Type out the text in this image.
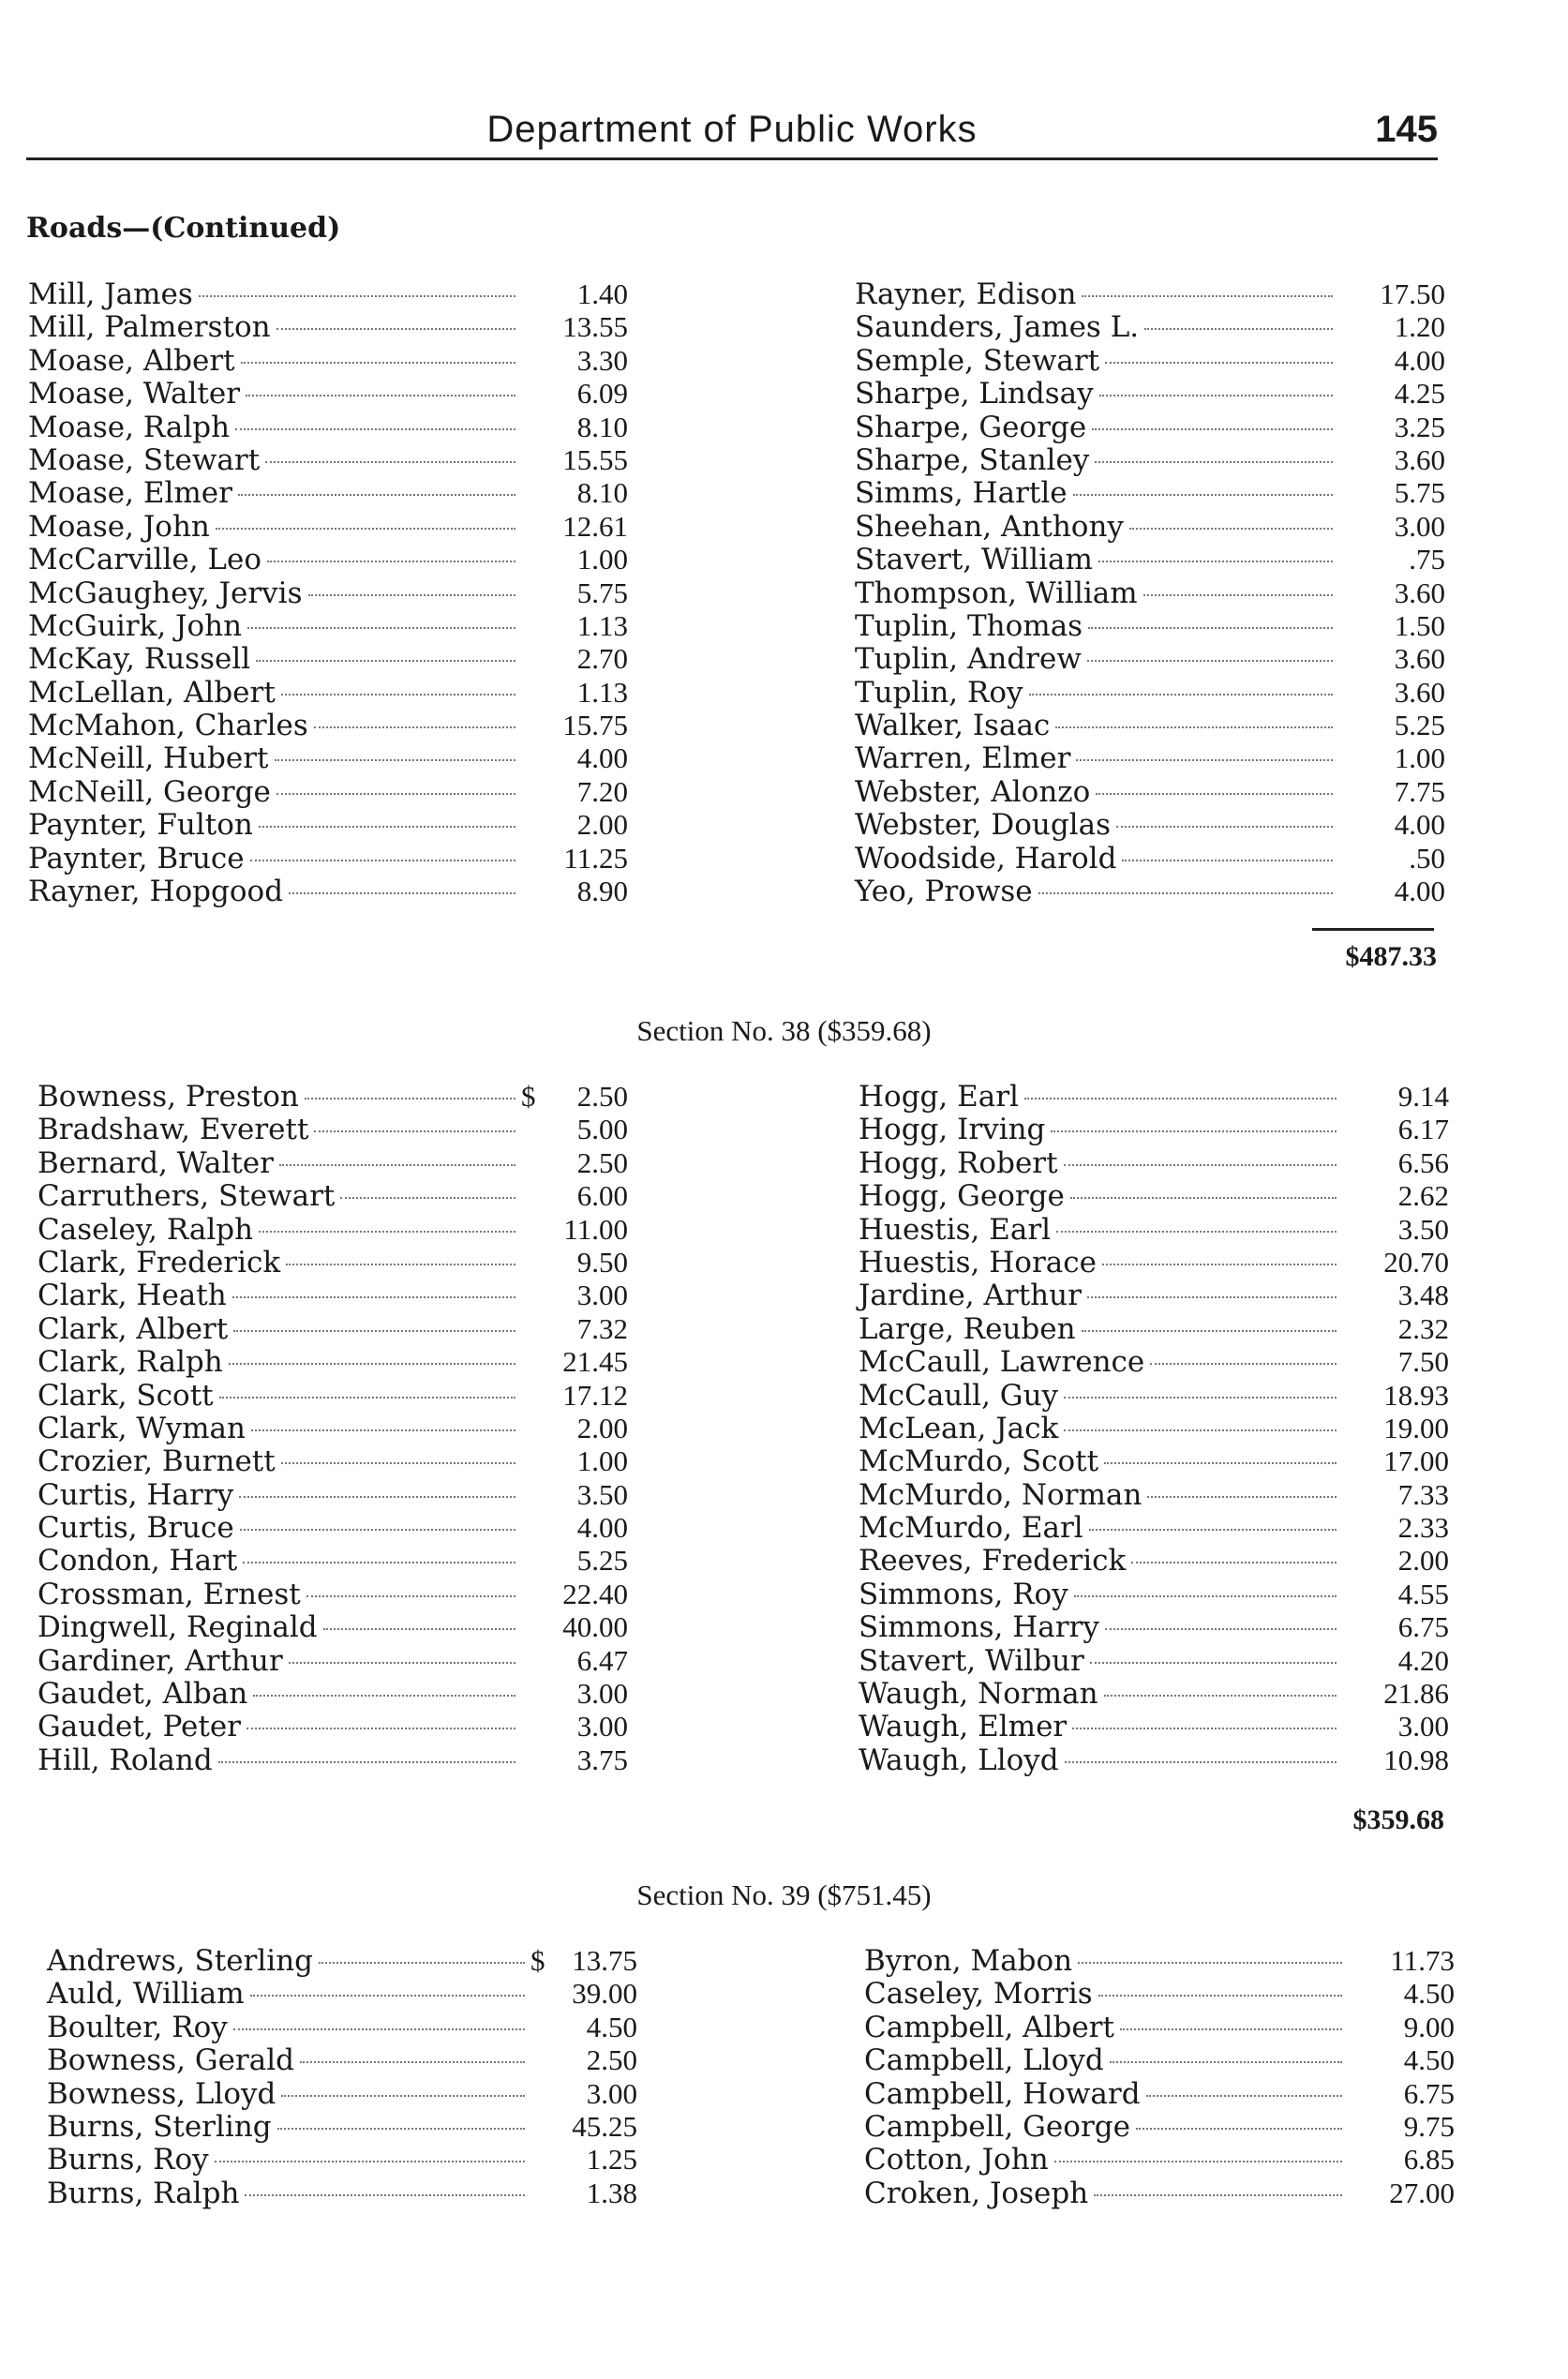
Department of Public Works	145
Roads—(Continued)
Mill, James	1.40
Mill, Palmerston	13.55
Moase, Albert	3.30
Moase, Walter	6.09
Moase, Ralph	8.10
Moase, Stewart	15.55
Moase, Elmer	8.10
Moase, John	12.61
McCarville, Leo	1.00
McGaughey, Jervis	5.75
McGuirk, John	1.13
McKay, Russell	2.70
McLellan, Albert	1.13
McMahon, Charles	15.75
McNeill, Hubert	4.00
McNeill, George	7.20
Paynter, Fulton	2.00
Paynter, Bruce	11.25
Rayner, Hopgood	8.90
Rayner, Edison	17.50
Saunders, James L.	1.20
Semple, Stewart	4.00
Sharpe, Lindsay	4.25
Sharpe, George	3.25
Sharpe, Stanley	3.60
Simms, Hartle	5.75
Sheehan, Anthony	3.00
Stavert, William	.75
Thompson, William	3.60
Tuplin, Thomas	1.50
Tuplin, Andrew	3.60
Tuplin, Roy	3.60
Walker, Isaac	5.25
Warren, Elmer	1.00
Webster, Alonzo	7.75
Webster, Douglas	4.00
Woodside, Harold	.50
Yeo, Prowse	4.00
$487.33
Section No. 38 ($359.68)
Bowness, Preston	$	2.50
Bradshaw, Everett	5.00
Bernard, Walter	2.50
Carruthers, Stewart	6.00
Caseley, Ralph	11.00
Clark, Frederick	9.50
Clark, Heath	3.00
Clark, Albert	7.32
Clark, Ralph	21.45
Clark, Scott	17.12
Clark, Wyman	2.00
Crozier, Burnett	1.00
Curtis, Harry	3.50
Curtis, Bruce	4.00
Condon, Hart	5.25
Crossman, Ernest	22.40
Dingwell, Reginald	40.00
Gardiner, Arthur	6.47
Gaudet, Alban	3.00
Gaudet, Peter	3.00
Hill, Roland	3.75
Hogg, Earl	9.14
Hogg, Irving	6.17
Hogg, Robert	6.56
Hogg, George	2.62
Huestis, Earl	3.50
Huestis, Horace	20.70
Jardine, Arthur	3.48
Large, Reuben	2.32
McCaull, Lawrence	7.50
McCaull, Guy	18.93
McLean, Jack	19.00
McMurdo, Scott	17.00
McMurdo, Norman	7.33
McMurdo, Earl	2.33
Reeves, Frederick	2.00
Simmons, Roy	4.55
Simmons, Harry	6.75
Stavert, Wilbur	4.20
Waugh, Norman	21.86
Waugh, Elmer	3.00
Waugh, Lloyd	10.98
$359.68
Section No. 39 ($751.45)
Andrews, Sterling	$ 13.75
Auld, William	39.00
Boulter, Roy	4.50
Bowness, Gerald	2.50
Bowness, Lloyd	3.00
Burns, Sterling	45.25
Burns, Roy	1.25
Burns, Ralph	1.38
Byron, Mabon	11.73
Caseley, Morris	4.50
Campbell, Albert	9.00
Campbell, Lloyd	4.50
Campbell, Howard	6.75
Campbell, George	9.75
Cotton, John	6.85
Croken, Joseph	27.00
